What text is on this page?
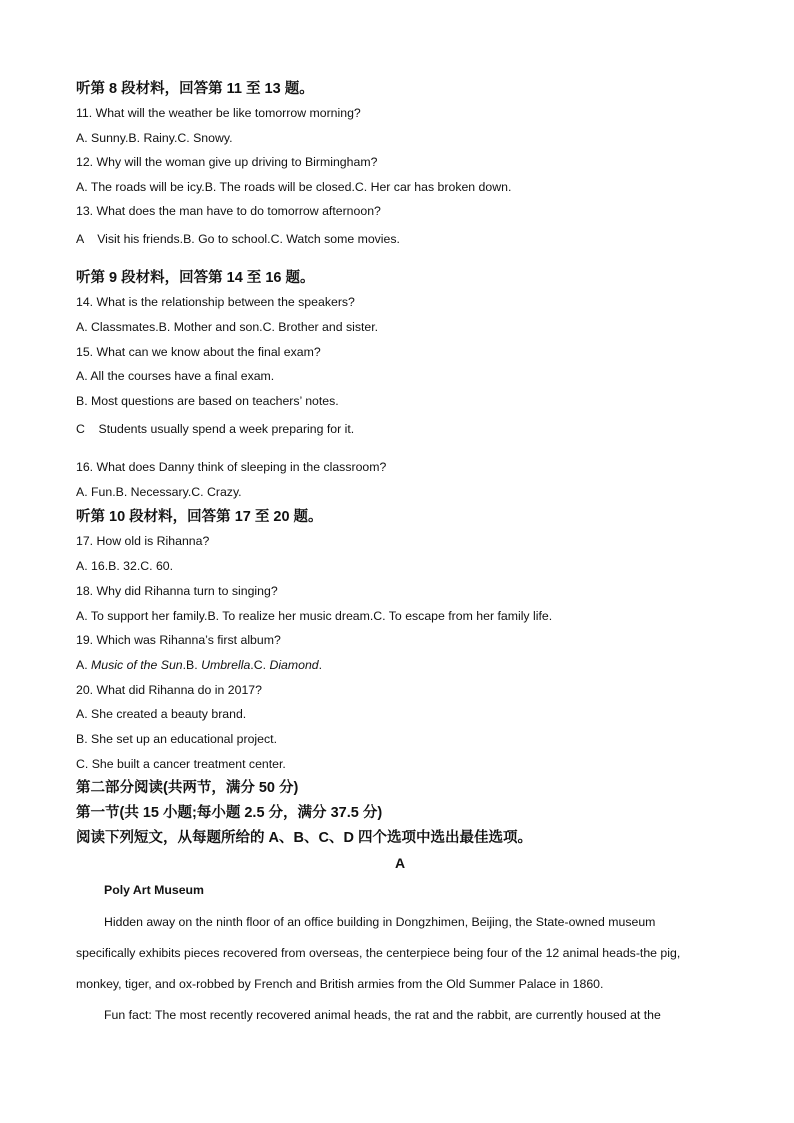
听第 8 段材料，回答第 11 至 13 题。
11. What will the weather be like tomorrow morning?
A. Sunny.B. Rainy.C. Snowy.
12. Why will the woman give up driving to Birmingham?
A. The roads will be icy.B. The roads will be closed.C. Her car has broken down.
13. What does the man have to do tomorrow afternoon?
A    Visit his friends.B. Go to school.C. Watch some movies.
听第 9 段材料，回答第 14 至 16 题。
14. What is the relationship between the speakers?
A. Classmates.B. Mother and son.C. Brother and sister.
15. What can we know about the final exam?
A. All the courses have a final exam.
B. Most questions are based on teachers’ notes.
C    Students usually spend a week preparing for it.
16. What does Danny think of sleeping in the classroom?
A. Fun.B. Necessary.C. Crazy.
听第 10 段材料，回答第 17 至 20 题。
17. How old is Rihanna?
A. 16.B. 32.C. 60.
18. Why did Rihanna turn to singing?
A. To support her family.B. To realize her music dream.C. To escape from her family life.
19. Which was Rihanna’s first album?
A. Music of the Sun.B. Umbrella.C. Diamond.
20. What did Rihanna do in 2017?
A. She created a beauty brand.
B. She set up an educational project.
C. She built a cancer treatment center.
第二部分阅读(共两节，满分 50 分)
第一节(共 15 小题;每小题 2.5 分，满分 37.5 分)
阅读下列短文，从每题所给的 A、B、C、D 四个选项中选出最佳选项。
A
Poly Art Museum
Hidden away on the ninth floor of an office building in Dongzhimen, Beijing, the State-owned museum
specifically exhibits pieces recovered from overseas, the centerpiece being four of the 12 animal heads-the pig,
monkey, tiger, and ox-robbed by French and British armies from the Old Summer Palace in 1860.
Fun fact: The most recently recovered animal heads, the rat and the rabbit, are currently housed at the
